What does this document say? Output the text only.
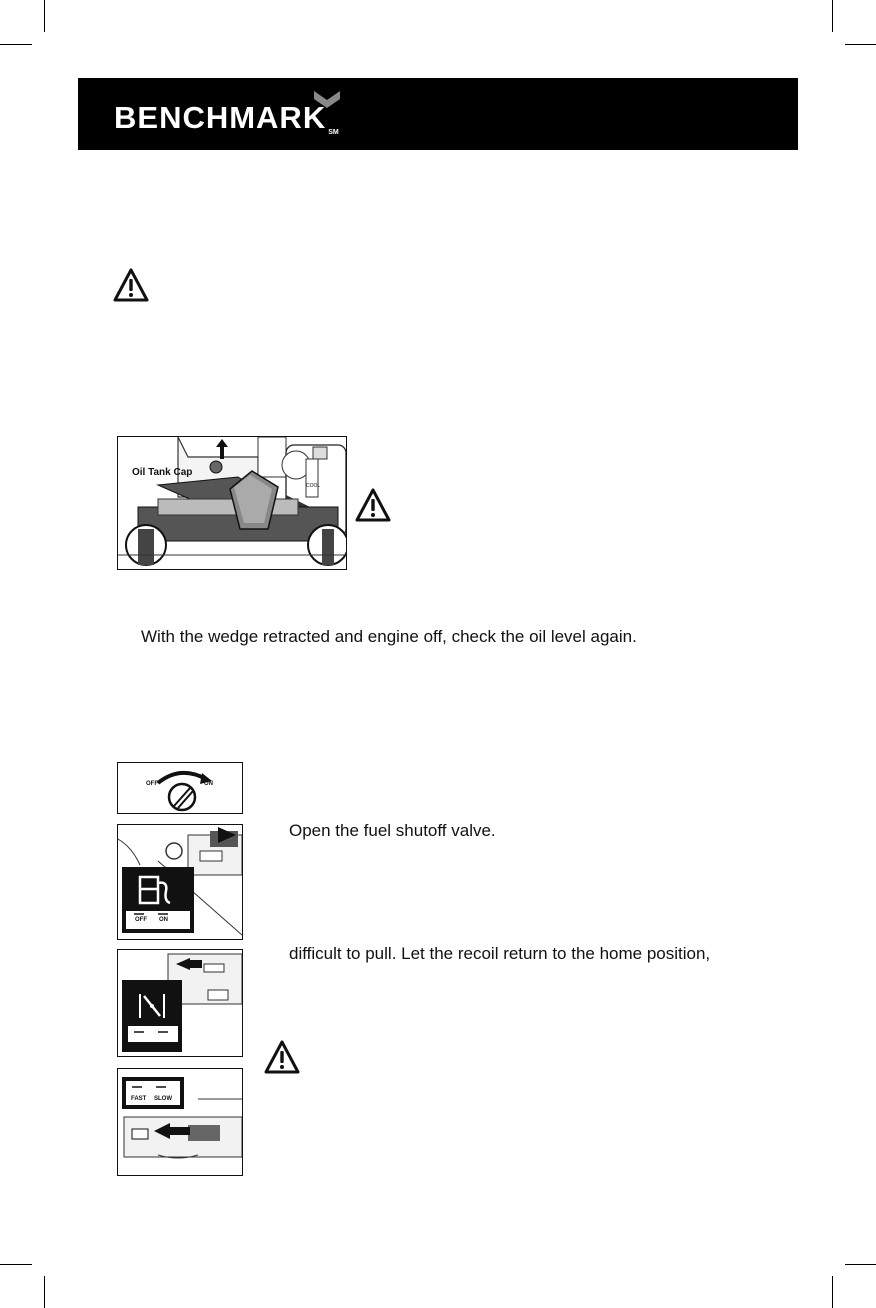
BENCHMARK SM
Oil Tank Cap
COOL
With the wedge retracted and engine off, check the oil level again.
OFF	ON
Open the fuel shutoff valve.
OFF ON
difficult to pull. Let the recoil return to the home position,
FAST SLOW
